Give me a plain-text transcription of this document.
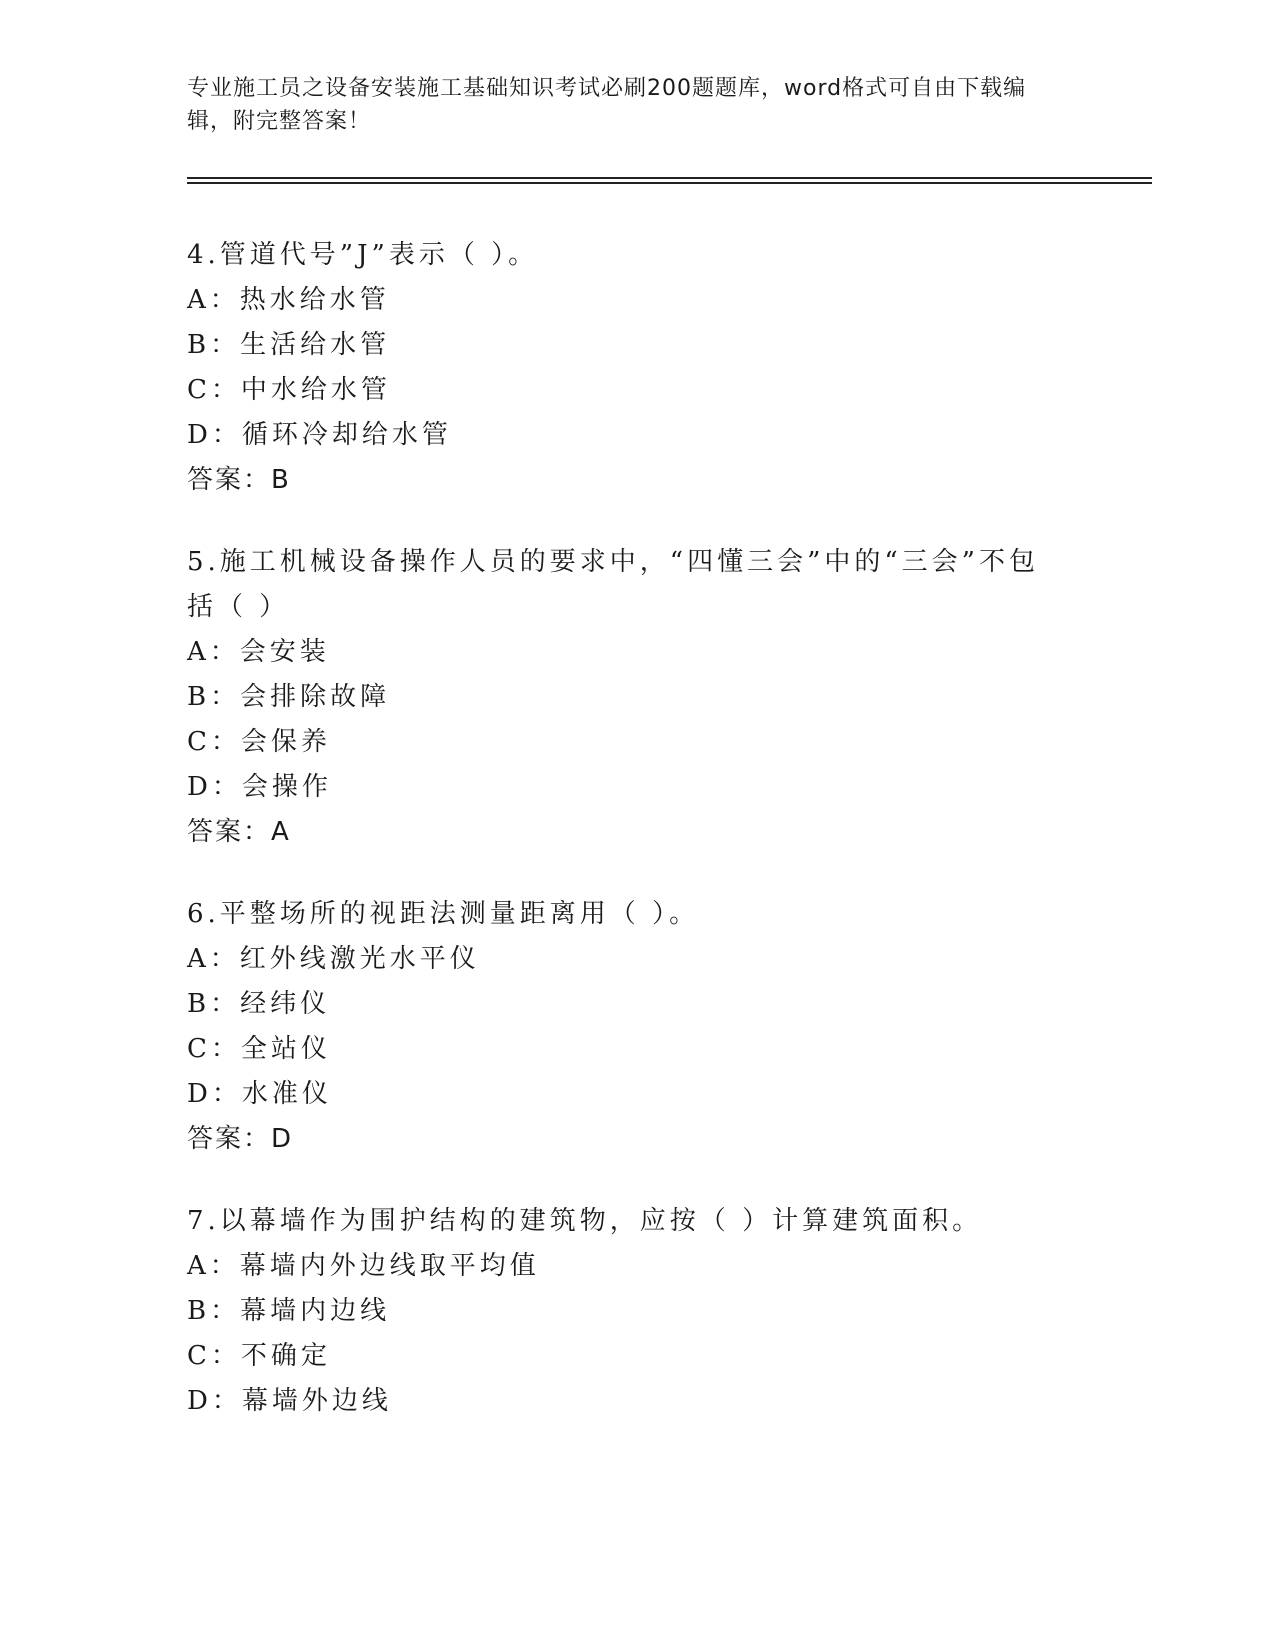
专业施工员之设备安装施工基础知识考试必刷200题题库，word格式可自由下载编辑，附完整答案！
4.管道代号”J”表示（ ）。
A：热水给水管
B：生活给水管
C：中水给水管
D：循环冷却给水管
答案：B
5.施工机械设备操作人员的要求中，“四懂三会”中的“三会”不包括（ ）
A：会安装
B：会排除故障
C：会保养
D：会操作
答案：A
6.平整场所的视距法测量距离用（ ）。
A：红外线激光水平仪
B：经纬仪
C：全站仪
D：水准仪
答案：D
7.以幕墙作为围护结构的建筑物，应按（ ）计算建筑面积。
A：幕墙内外边线取平均值
B：幕墙内边线
C：不确定
D：幕墙外边线
